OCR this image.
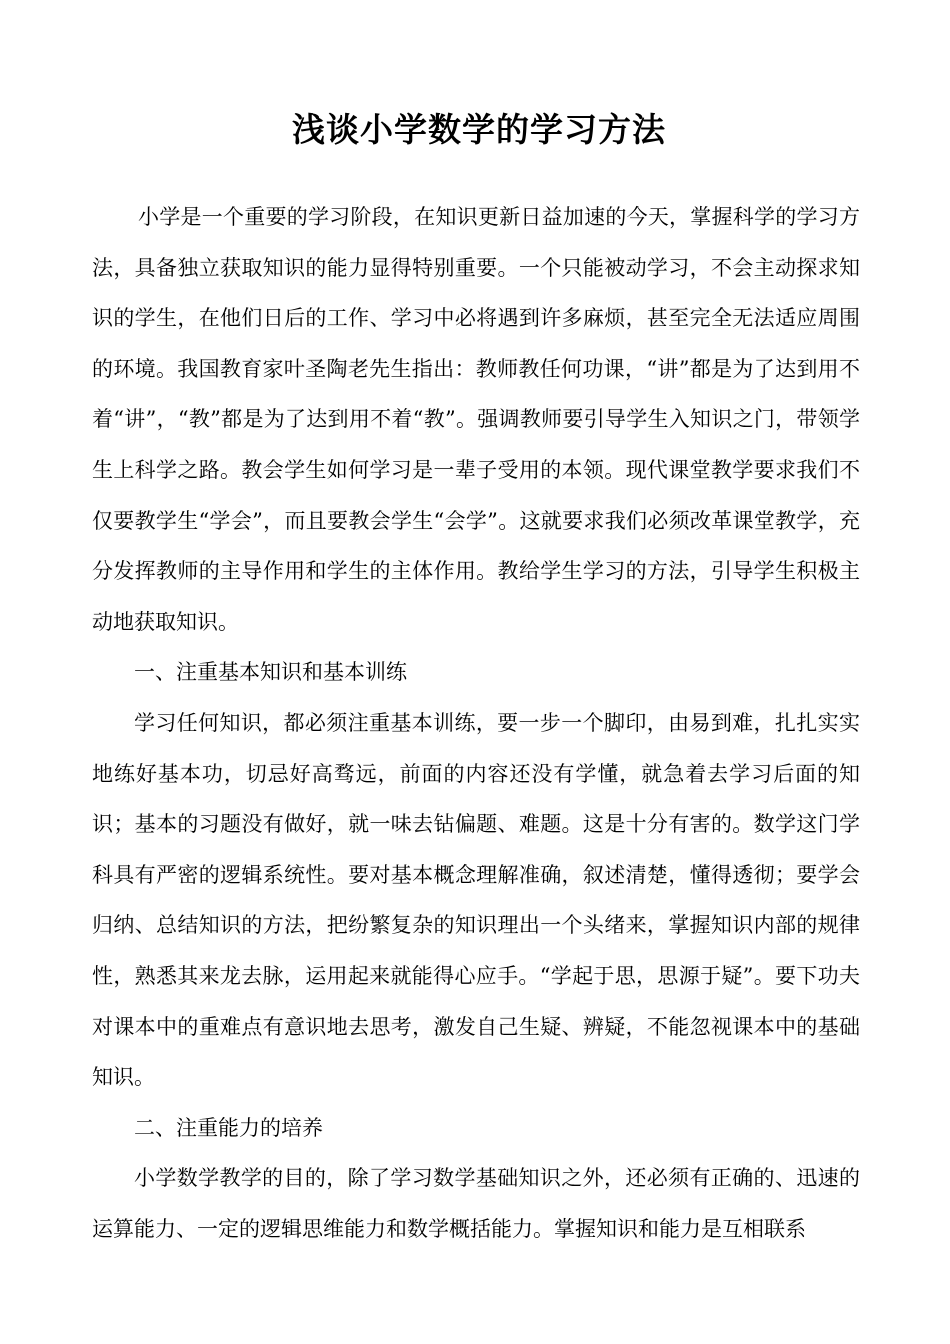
浅谈小学数学的学习方法

小学是一个重要的学习阶段，在知识更新日益加速的今天，掌握科学的学习方法，具备独立获取知识的能力显得特别重要。一个只能被动学习，不会主动探求知识的学生，在他们日后的工作、学习中必将遇到许多麻烦，甚至完全无法适应周围的环境。我国教育家叶圣陶老先生指出：教师教任何功课，“讲”都是为了达到用不着“讲”，“教”都是为了达到用不着“教”。强调教师要引导学生入知识之门，带领学生上科学之路。教会学生如何学习是一辈子受用的本领。现代课堂教学要求我们不仅要教学生“学会”，而且要教会学生“会学”。这就要求我们必须改革课堂教学，充分发挥教师的主导作用和学生的主体作用。教给学生学习的方法，引导学生积极主动地获取知识。

一、注重基本知识和基本训练

学习任何知识，都必须注重基本训练，要一步一个脚印，由易到难，扎扎实实地练好基本功，切忌好高骛远，前面的内容还没有学懂，就急着去学习后面的知识；基本的习题没有做好，就一味去钻偏题、难题。这是十分有害的。数学这门学科具有严密的逻辑系统性。要对基本概念理解准确，叙述清楚，懂得透彻；要学会归纳、总结知识的方法，把纷繁复杂的知识理出一个头绪来，掌握知识内部的规律性，熟悉其来龙去脉，运用起来就能得心应手。“学起于思，思源于疑”。要下功夫对课本中的重难点有意识地去思考，激发自己生疑、辨疑，不能忽视课本中的基础知识。

二、注重能力的培养

小学数学教学的目的，除了学习数学基础知识之外，还必须有正确的、迅速的运算能力、一定的逻辑思维能力和数学概括能力。掌握知识和能力是互相联系
